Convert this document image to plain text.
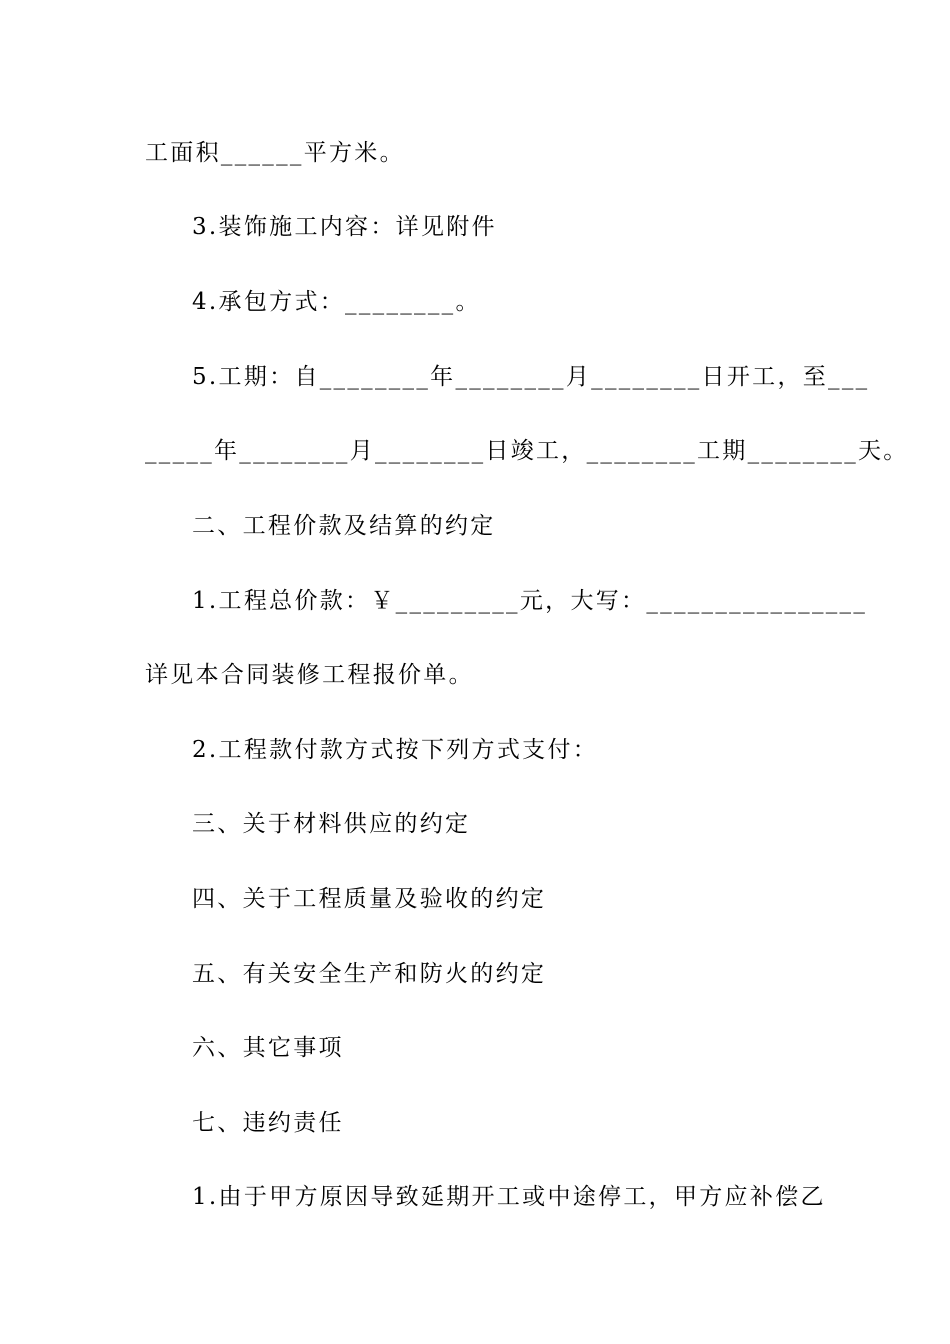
工面积______平方米。
3.装饰施工内容：详见附件
4.承包方式：________。
5.工期：自________年________月________日开工，至___
_____年________月________日竣工，________工期________天。
二、工程价款及结算的约定
1.工程总价款：￥_________元，大写：________________
详见本合同装修工程报价单。
2.工程款付款方式按下列方式支付：
三、关于材料供应的约定
四、关于工程质量及验收的约定
五、有关安全生产和防火的约定
六、其它事项
七、违约责任
1.由于甲方原因导致延期开工或中途停工，甲方应补偿乙
